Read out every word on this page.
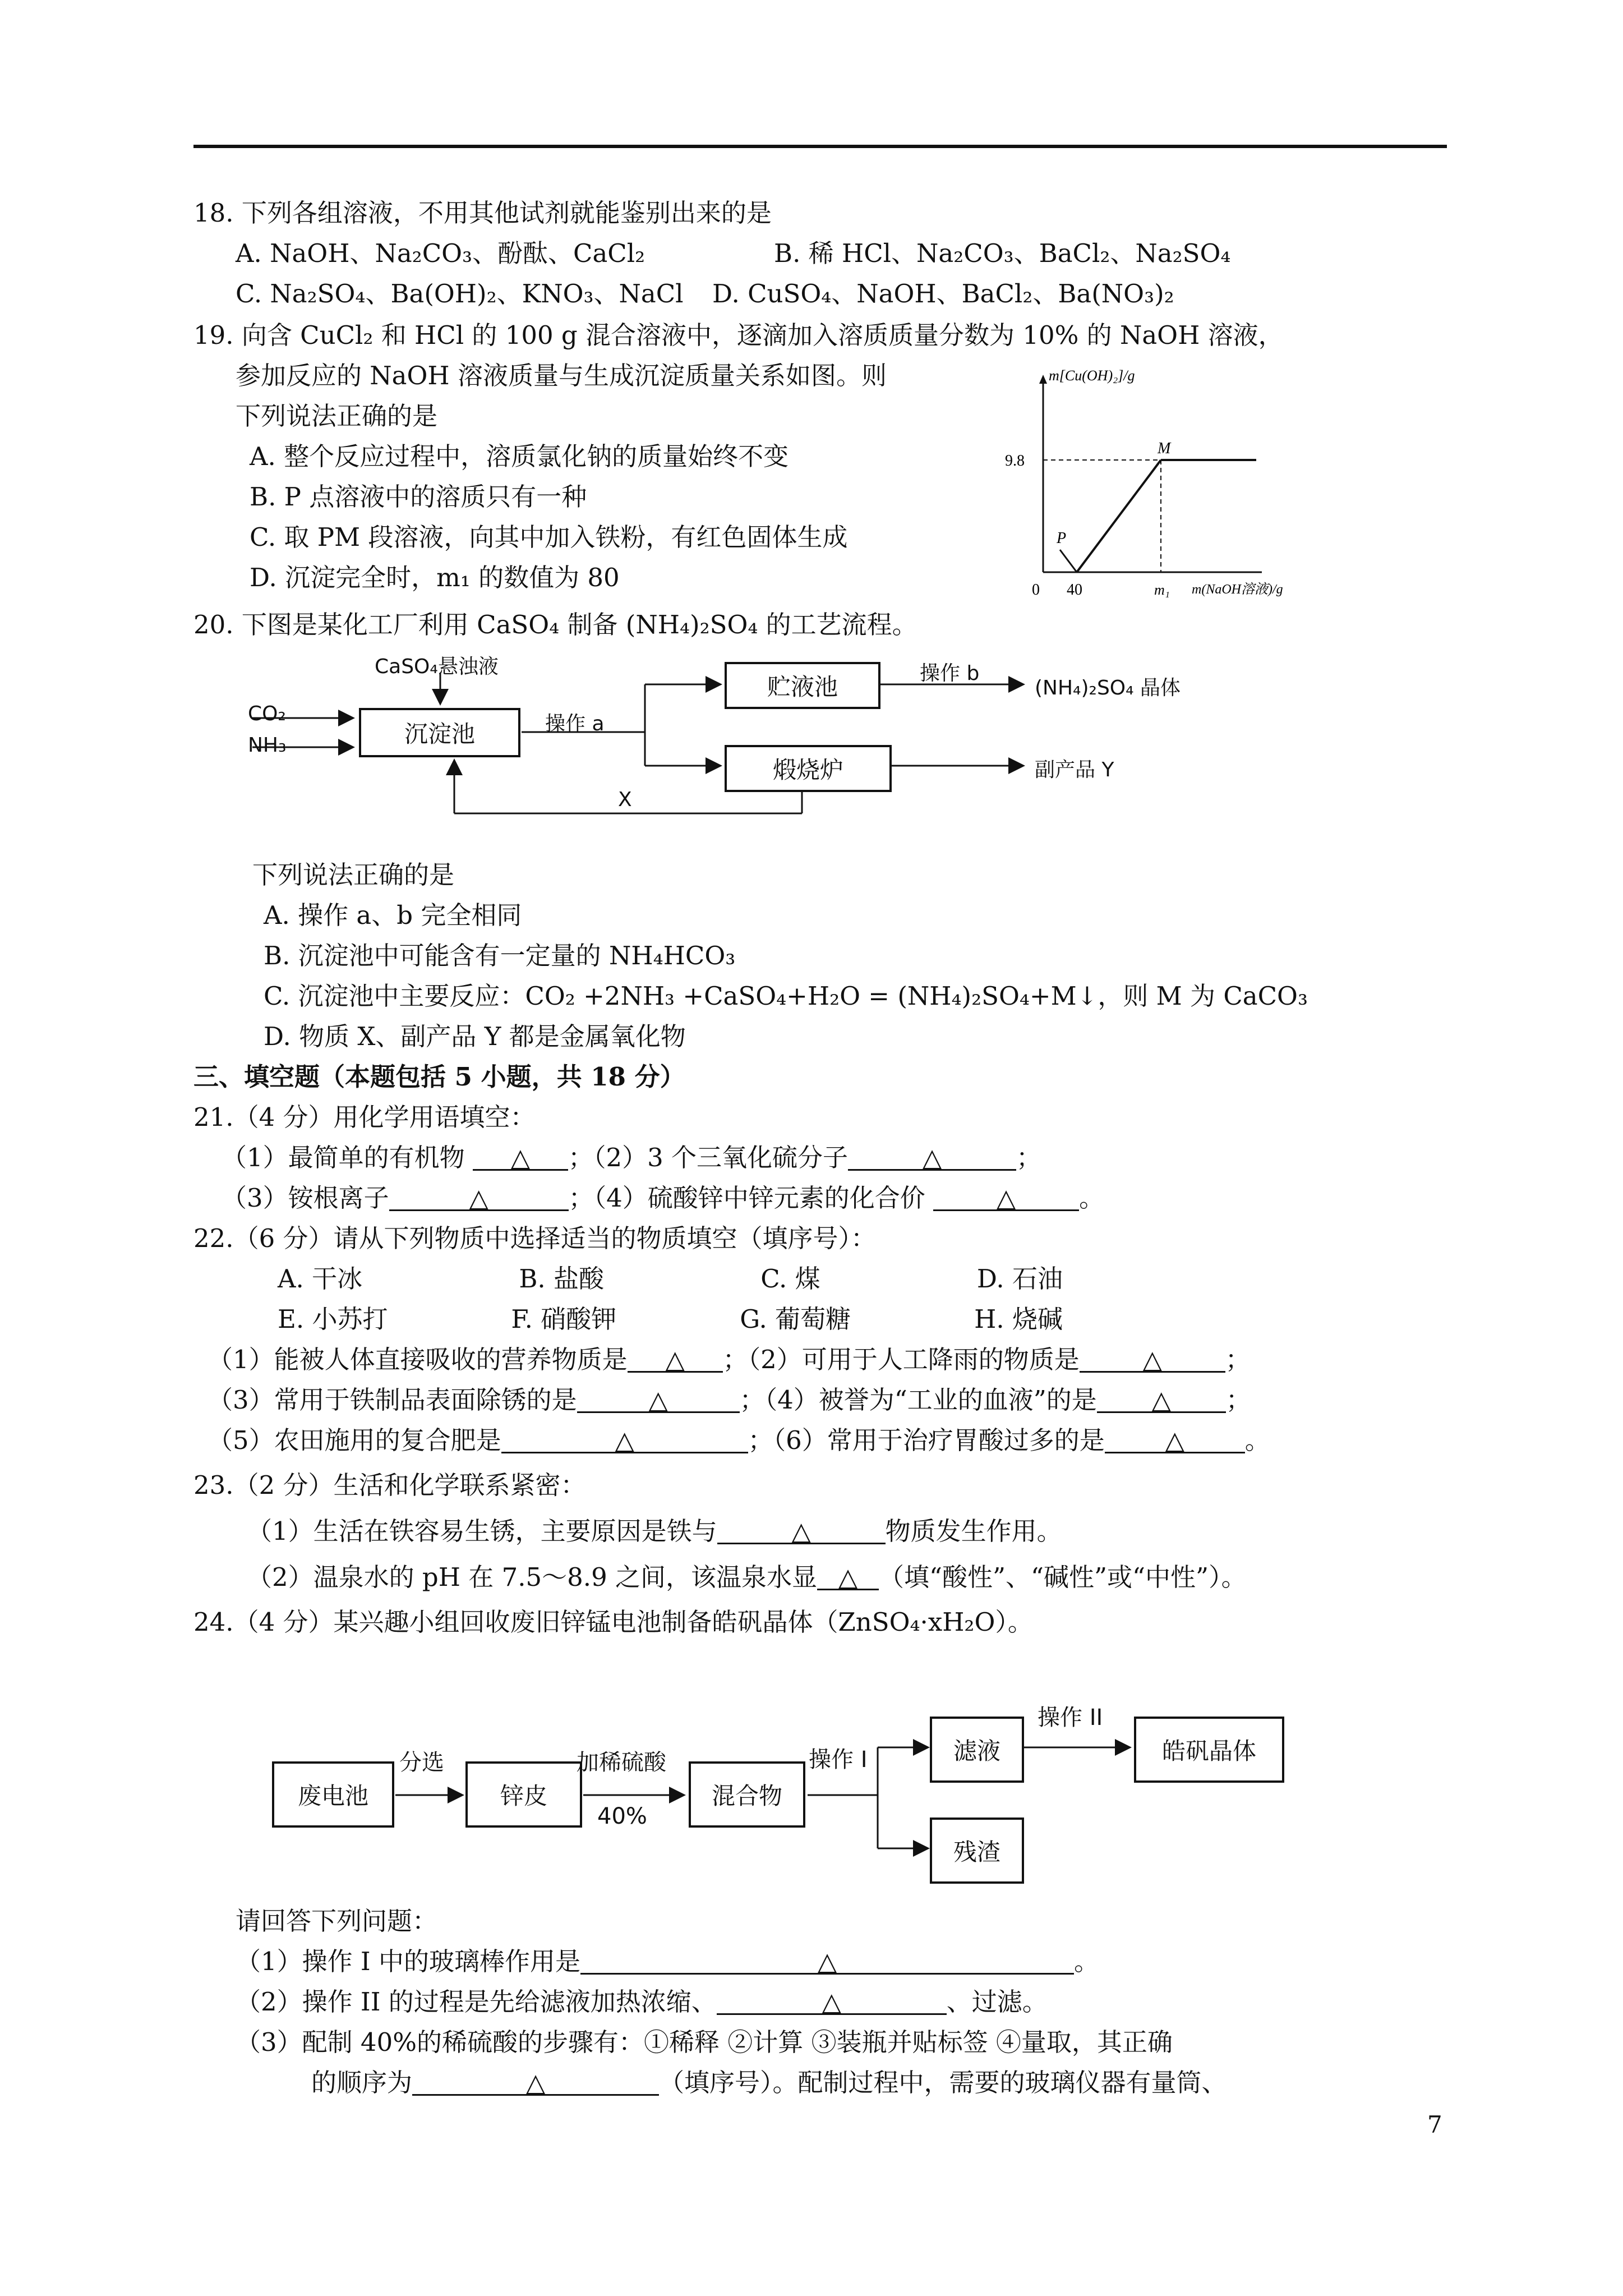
18. 下列各组溶液，不用其他试剂就能鉴别出来的是
A. NaOH、Na₂CO₃、酚酞、CaCl₂	B. 稀 HCl、Na₂CO₃、BaCl₂、Na₂SO₄
C. Na₂SO₄、Ba(OH)₂、KNO₃、NaCl D. CuSO₄、NaOH、BaCl₂、Ba(NO₃)₂
19. 向含 CuCl₂ 和 HCl 的 100 g 混合溶液中，逐滴加入溶质质量分数为 10% 的 NaOH 溶液，
参加反应的 NaOH 溶液质量与生成沉淀质量关系如图。则
下列说法正确的是
A. 整个反应过程中，溶质氯化钠的质量始终不变
B. P 点溶液中的溶质只有一种
C. 取 PM 段溶液，向其中加入铁粉，有红色固体生成
D. 沉淀完全时，m₁ 的数值为 80
m[Cu(OH)₂]/g
9.8
0 40	m₁ m(NaOH溶液)/g
P
M
20. 下图是某化工厂利用 CaSO₄ 制备 (NH₄)₂SO₄ 的工艺流程。
CaSO₄悬浊液
CO₂
NH₃	沉淀池	操作 a
贮液池	操作 b
(NH₄)₂SO₄ 晶体
煅烧炉	副产品 Y
X
下列说法正确的是
A. 操作 a、b 完全相同
B. 沉淀池中可能含有一定量的 NH₄HCO₃
C. 沉淀池中主要反应：CO₂ +2NH₃ +CaSO₄+H₂O = (NH₄)₂SO₄+M↓，则 M 为 CaCO₃
D. 物质 X、副产品 Y 都是金属氧化物
三、填空题（本题包括 5 小题，共 18 分）
21.（4 分）用化学用语填空：
（1）最简单的有机物 △ ；（2）3 个三氧化硫分子	△	；
（3）铵根离子	△	；（4）硫酸锌中锌元素的化合价	△	。
22.（6 分）请从下列物质中选择适当的物质填空（填序号）：
A. 干冰	B. 盐酸	C. 煤	D. 石油
E. 小苏打	F. 硝酸钾	G. 葡萄糖	H. 烧碱
（1）能被人体直接吸收的营养物质是 △ ；（2）可用于人工降雨的物质是	△	；
（3）常用于铁制品表面除锈的是	△	；（4）被誉为“工业的血液”的是 △ ；
（5）农田施用的复合肥是	△	；（6）常用于治疗胃酸过多的是 △ 。
23.（2 分）生活和化学联系紧密：
（1）生活在铁容易生锈，主要原因是铁与	△	物质发生作用。
（2）温泉水的 pH 在 7.5～8.9 之间，该温泉水显 △ （填“酸性”、“碱性”或“中性”）。
24.（4 分）某兴趣小组回收废旧锌锰电池制备皓矾晶体（ZnSO₄·xH₂O）。
废电池
分选
锌皮
加稀硫酸
40%
混合物
操作 I	滤液
操作 II
皓矾晶体
残渣
请回答下列问题：
（1）操作 I 中的玻璃棒作用是	△	。
（2）操作 II 的过程是先给滤液加热浓缩、	△	、过滤。
（3）配制 40%的稀硫酸的步骤有：①稀释 ②计算 ③装瓶并贴标签 ④量取，其正确
的顺序为	△	（填序号）。配制过程中，需要的玻璃仪器有量筒、
7
